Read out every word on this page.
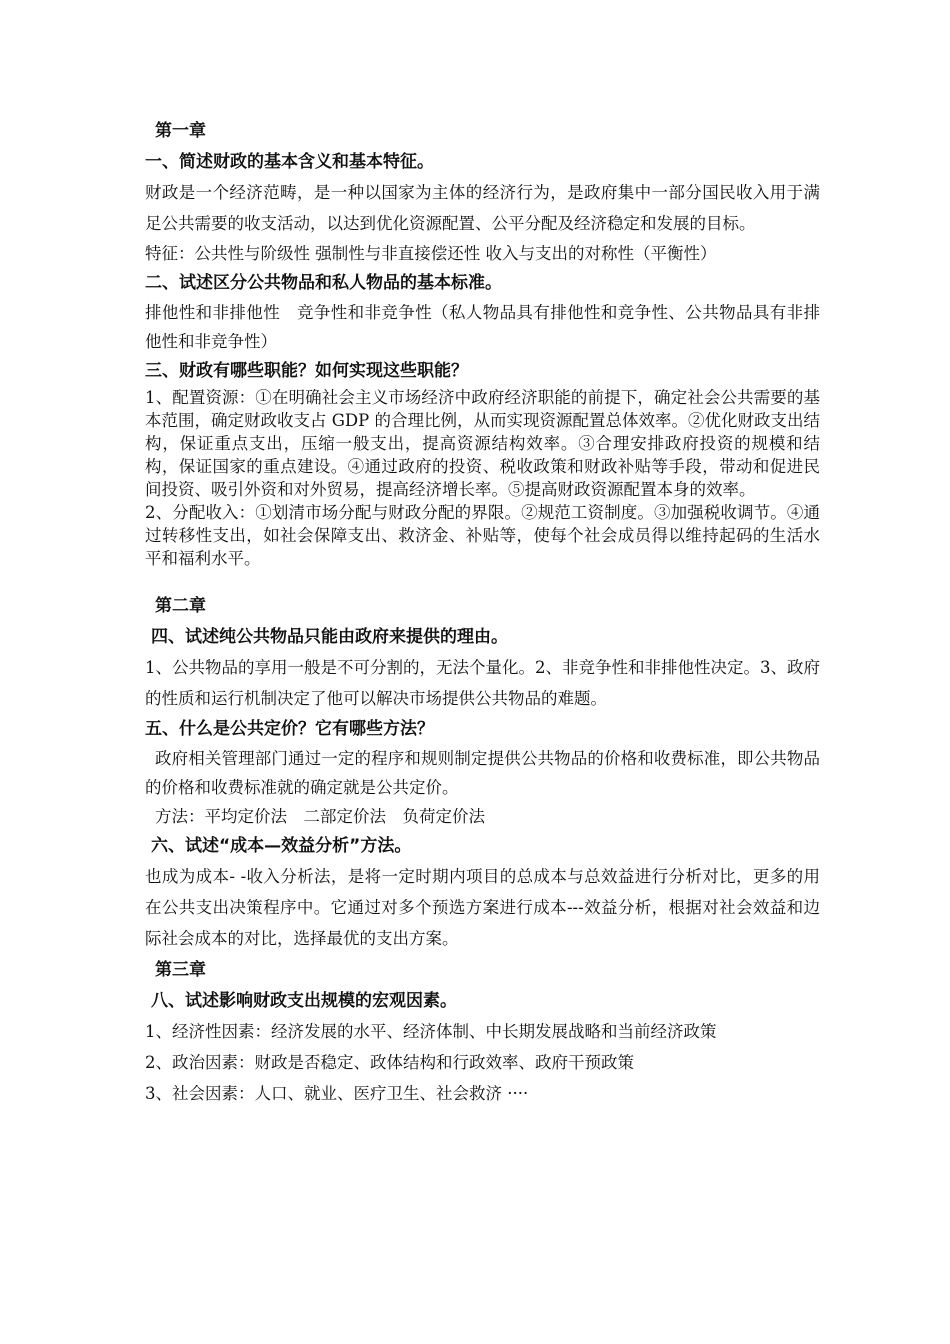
第一章
一、简述财政的基本含义和基本特征。
财政是一个经济范畴，是一种以国家为主体的经济行为，是政府集中一部分国民收入用于满足公共需要的收支活动，以达到优化资源配置、公平分配及经济稳定和发展的目标。
特征：公共性与阶级性 强制性与非直接偿还性 收入与支出的对称性（平衡性）
二、试述区分公共物品和私人物品的基本标准。
排他性和非排他性　竞争性和非竞争性（私人物品具有排他性和竞争性、公共物品具有非排他性和非竞争性）
三、财政有哪些职能？如何实现这些职能？
1、配置资源：①在明确社会主义市场经济中政府经济职能的前提下，确定社会公共需要的基本范围，确定财政收支占 GDP 的合理比例，从而实现资源配置总体效率。②优化财政支出结构，保证重点支出，压缩一般支出，提高资源结构效率。③合理安排政府投资的规模和结构，保证国家的重点建设。④通过政府的投资、税收政策和财政补贴等手段，带动和促进民间投资、吸引外资和对外贸易，提高经济增长率。⑤提高财政资源配置本身的效率。
2、分配收入：①划清市场分配与财政分配的界限。②规范工资制度。③加强税收调节。④通过转移性支出，如社会保障支出、救济金、补贴等，使每个社会成员得以维持起码的生活水平和福利水平。
第二章
四、试述纯公共物品只能由政府来提供的理由。
1、公共物品的享用一般是不可分割的，无法个量化。2、非竞争性和非排他性决定。3、政府的性质和运行机制决定了他可以解决市场提供公共物品的难题。
五、什么是公共定价？它有哪些方法？
政府相关管理部门通过一定的程序和规则制定提供公共物品的价格和收费标准，即公共物品的价格和收费标准就的确定就是公共定价。
方法：平均定价法　二部定价法　负荷定价法
六、试述“成本—效益分析”方法。
也成为成本- -收入分析法，是将一定时期内项目的总成本与总效益进行分析对比，更多的用在公共支出决策程序中。它通过对多个预选方案进行成本---效益分析，根据对社会效益和边际社会成本的对比，选择最优的支出方案。
第三章
八、试述影响财政支出规模的宏观因素。
1、经济性因素：经济发展的水平、经济体制、中长期发展战略和当前经济政策
2、政治因素：财政是否稳定、政体结构和行政效率、政府干预政策
3、社会因素：人口、就业、医疗卫生、社会救济 ····
